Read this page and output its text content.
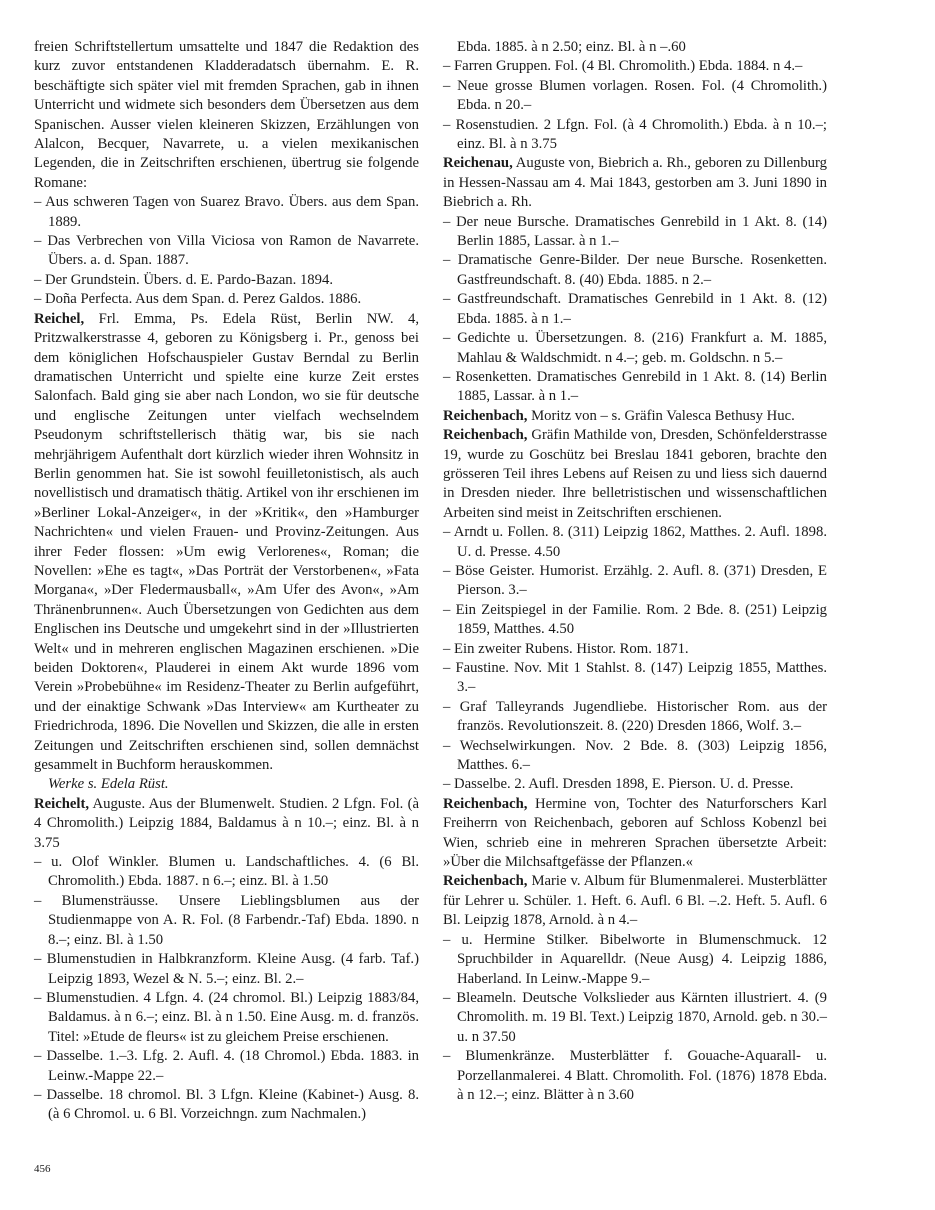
freien Schriftstellertum umsattelte und 1847 die Redaktion des kurz zuvor entstandenen Kladderadatsch übernahm. E. R. beschäftigte sich später viel mit fremden Sprachen, gab in ihnen Unterricht und widmete sich besonders dem Übersetzen aus dem Spanischen. Ausser vielen kleineren Skizzen, Erzählungen von Alalcon, Becquer, Navarrete, u. a vielen mexikanischen Legenden, die in Zeitschriften erschienen, übertrug sie folgende Romane:

– Aus schweren Tagen von Suarez Bravo. Übers. aus dem Span. 1889.

– Das Verbrechen von Villa Viciosa von Ramon de Navarrete. Übers. a. d. Span. 1887.

– Der Grundstein. Übers. d. E. Pardo-Bazan. 1894.

– Doña Perfecta. Aus dem Span. d. Perez Galdos. 1886.

Reichel, Frl. Emma, Ps. Edela Rüst, Berlin NW. 4, Pritzwalkerstrasse 4, geboren zu Königsberg i. Pr., genoss bei dem königlichen Hofschauspieler Gustav Berndal zu Berlin dramatischen Unterricht und spielte eine kurze Zeit erstes Salonfach. Bald ging sie aber nach London, wo sie für deutsche und englische Zeitungen unter vielfach wechselndem Pseudonym schriftstellerisch thätig war, bis sie nach mehrjährigem Aufenthalt dort kürzlich wieder ihren Wohnsitz in Berlin genommen hat. Sie ist sowohl feuilletonistisch, als auch novellistisch und dramatisch thätig. Artikel von ihr erschienen im »Berliner Lokal-Anzeiger«, in der »Kritik«, den »Hamburger Nachrichten« und vielen Frauen- und Provinz-Zeitungen. Aus ihrer Feder flossen: »Um ewig Verlorenes«, Roman; die Novellen: »Ehe es tagt«, »Das Porträt der Verstorbenen«, »Fata Morgana«, »Der Fledermausball«, »Am Ufer des Avon«, »Am Thränenbrunnen«. Auch Übersetzungen von Gedichten aus dem Englischen ins Deutsche und umgekehrt sind in der »Illustrierten Welt« und in mehreren englischen Magazinen erschienen. »Die beiden Doktoren«, Plauderei in einem Akt wurde 1896 vom Verein »Probebühne« im Residenz-Theater zu Berlin aufgeführt, und der einaktige Schwank »Das Interview« am Kurtheater zu Friedrichroda, 1896. Die Novellen und Skizzen, die alle in ersten Zeitungen und Zeitschriften erschienen sind, sollen demnächst gesammelt in Buchform herauskommen.

Werke s. Edela Rüst.

Reichelt, Auguste. Aus der Blumenwelt. Studien. 2 Lfgn. Fol. (à 4 Chromolith.) Leipzig 1884, Baldamus à n 10.–; einz. Bl. à n 3.75

– u. Olof Winkler. Blumen u. Landschaftliches. 4. (6 Bl. Chromolith.) Ebda. 1887. n 6.–; einz. Bl. à 1.50

– Blumensträusse. Unsere Lieblingsblumen aus der Studienmappe von A. R. Fol. (8 Farbendr.-Taf) Ebda. 1890. n 8.–; einz. Bl. à 1.50

– Blumenstudien in Halbkranzform. Kleine Ausg. (4 farb. Taf.) Leipzig 1893, Wezel & N. 5.–; einz. Bl. 2.–

– Blumenstudien. 4 Lfgn. 4. (24 chromol. Bl.) Leipzig 1883/84, Baldamus. à n 6.–; einz. Bl. à n 1.50. Eine Ausg. m. d. französ. Titel: »Etude de fleurs« ist zu gleichem Preise erschienen.

– Dasselbe. 1.–3. Lfg. 2. Aufl. 4. (18 Chromol.) Ebda. 1883. in Leinw.-Mappe 22.–

– Dasselbe. 18 chromol. Bl. 3 Lfgn. Kleine (Kabinet-) Ausg. 8. (à 6 Chromol. u. 6 Bl. Vorzeichngn. zum Nachmalen.)

Ebda. 1885. à n 2.50; einz. Bl. à n –.60

– Farren Gruppen. Fol. (4 Bl. Chromolith.) Ebda. 1884. n 4.–

– Neue grosse Blumen vorlagen. Rosen. Fol. (4 Chromolith.) Ebda. n 20.–

– Rosenstudien. 2 Lfgn. Fol. (à 4 Chromolith.) Ebda. à n 10.–; einz. Bl. à n 3.75

Reichenau, Auguste von, Biebrich a. Rh., geboren zu Dillenburg in Hessen-Nassau am 4. Mai 1843, gestorben am 3. Juni 1890 in Biebrich a. Rh.

– Der neue Bursche. Dramatisches Genrebild in 1 Akt. 8. (14) Berlin 1885, Lassar. à n 1.–

– Dramatische Genre-Bilder. Der neue Bursche. Rosenketten. Gastfreundschaft. 8. (40) Ebda. 1885. n 2.–

– Gastfreundschaft. Dramatisches Genrebild in 1 Akt. 8. (12) Ebda. 1885. à n 1.–

– Gedichte u. Übersetzungen. 8. (216) Frankfurt a. M. 1885, Mahlau & Waldschmidt. n 4.–; geb. m. Goldschn. n 5.–

– Rosenketten. Dramatisches Genrebild in 1 Akt. 8. (14) Berlin 1885, Lassar. à n 1.–

Reichenbach, Moritz von – s. Gräfin Valesca Bethusy Huc.

Reichenbach, Gräfin Mathilde von, Dresden, Schönfelderstrasse 19, wurde zu Goschütz bei Breslau 1841 geboren, brachte den grösseren Teil ihres Lebens auf Reisen zu und liess sich dauernd in Dresden nieder. Ihre belletristischen und wissenschaftlichen Arbeiten sind meist in Zeitschriften erschienen.

– Arndt u. Follen. 8. (311) Leipzig 1862, Matthes. 2. Aufl. 1898. U. d. Presse. 4.50

– Böse Geister. Humorist. Erzählg. 2. Aufl. 8. (371) Dresden, E Pierson. 3.–

– Ein Zeitspiegel in der Familie. Rom. 2 Bde. 8. (251) Leipzig 1859, Matthes. 4.50

– Ein zweiter Rubens. Histor. Rom. 1871.

– Faustine. Nov. Mit 1 Stahlst. 8. (147) Leipzig 1855, Matthes. 3.–

– Graf Talleyrands Jugendliebe. Historischer Rom. aus der französ. Revolutionszeit. 8. (220) Dresden 1866, Wolf. 3.–

– Wechselwirkungen. Nov. 2 Bde. 8. (303) Leipzig 1856, Matthes. 6.–

– Dasselbe. 2. Aufl. Dresden 1898, E. Pierson. U. d. Presse.

Reichenbach, Hermine von, Tochter des Naturforschers Karl Freiherrn von Reichenbach, geboren auf Schloss Kobenzl bei Wien, schrieb eine in mehreren Sprachen übersetzte Arbeit: »Über die Milchsaftgefässe der Pflanzen.«

Reichenbach, Marie v. Album für Blumenmalerei. Musterblätter für Lehrer u. Schüler. 1. Heft. 6. Aufl. 6 Bl. –.2. Heft. 5. Aufl. 6 Bl. Leipzig 1878, Arnold. à n 4.–

– u. Hermine Stilker. Bibelworte in Blumenschmuck. 12 Spruchbilder in Aquarelldr. (Neue Ausg) 4. Leipzig 1886, Haberland. In Leinw.-Mappe 9.–

– Bleameln. Deutsche Volkslieder aus Kärnten illustriert. 4. (9 Chromolith. m. 19 Bl. Text.) Leipzig 1870, Arnold. geb. n 30.– u. n 37.50

– Blumenkränze. Musterblätter f. Gouache-Aquarall- u. Porzellanmalerei. 4 Blatt. Chromolith. Fol. (1876) 1878 Ebda. à n 12.–; einz. Blätter à n 3.60

456
